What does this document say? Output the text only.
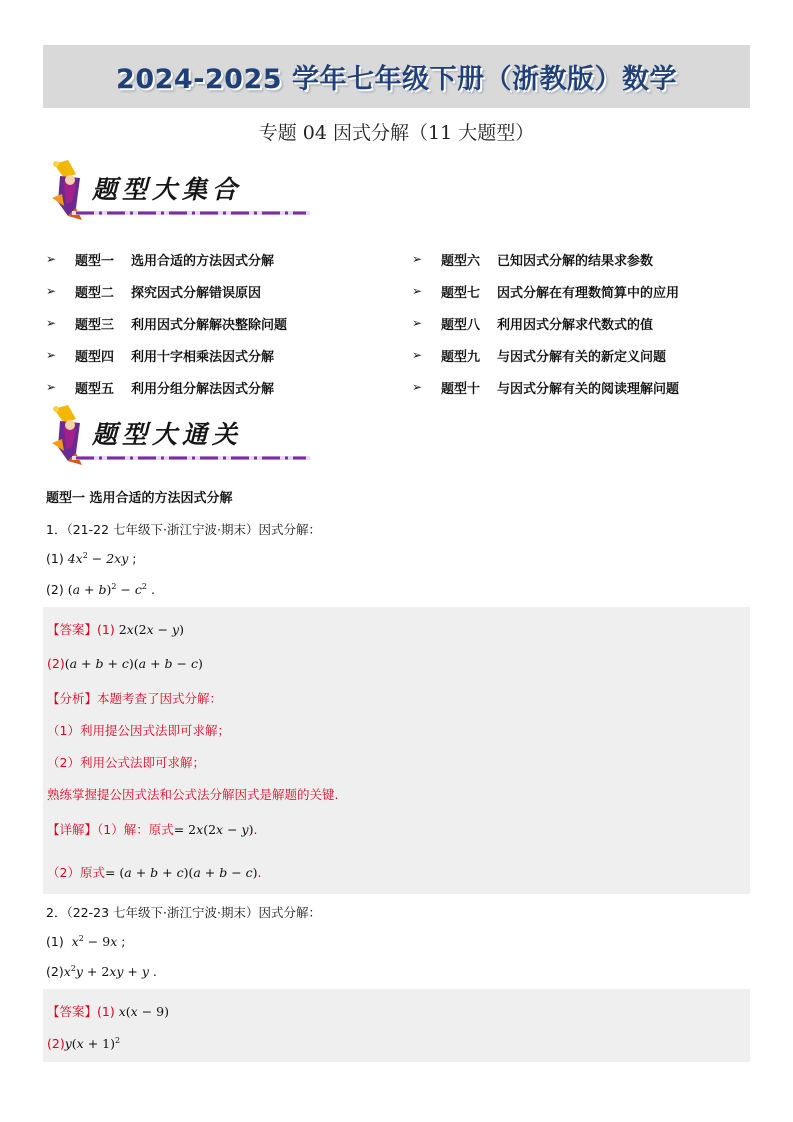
2024-2025 学年七年级下册（浙教版）数学
专题 04 因式分解（11 大题型）
题型大集合
➢	题型一	选用合适的方法因式分解
➢	题型二	探究因式分解错误原因
➢	题型三	利用因式分解解决整除问题
➢	题型四	利用十字相乘法因式分解
➢	题型五	利用分组分解法因式分解
➢	题型六	已知因式分解的结果求参数
➢	题型七	因式分解在有理数简算中的应用
➢	题型八	利用因式分解求代数式的值
➢	题型九	与因式分解有关的新定义问题
➢	题型十	与因式分解有关的阅读理解问题
题型大通关
题型一 选用合适的方法因式分解
1．（21-22 七年级下·浙江宁波·期末）因式分解：
(1) $4x^2 - 2xy$ ;
(2) $(a + b)^2 - c^2$ .
【答案】(1) 2x(2x − y)
(2)(a + b + c)(a + b − c)
【分析】本题考查了因式分解：
（1）利用提公因式法即可求解；
（2）利用公式法即可求解；
熟练掌握提公因式法和公式法分解因式是解题的关键.
【详解】（1）解：原式= 2x(2x − y).
（2）原式= (a + b + c)(a + b − c).
2．（22-23 七年级下·浙江宁波·期末）因式分解：
(1)  $x^2 - 9x$ ;
$(2)x^2y + 2xy + y$ .
【答案】(1) x(x − 9)
$(2)y(x + 1)^2$
